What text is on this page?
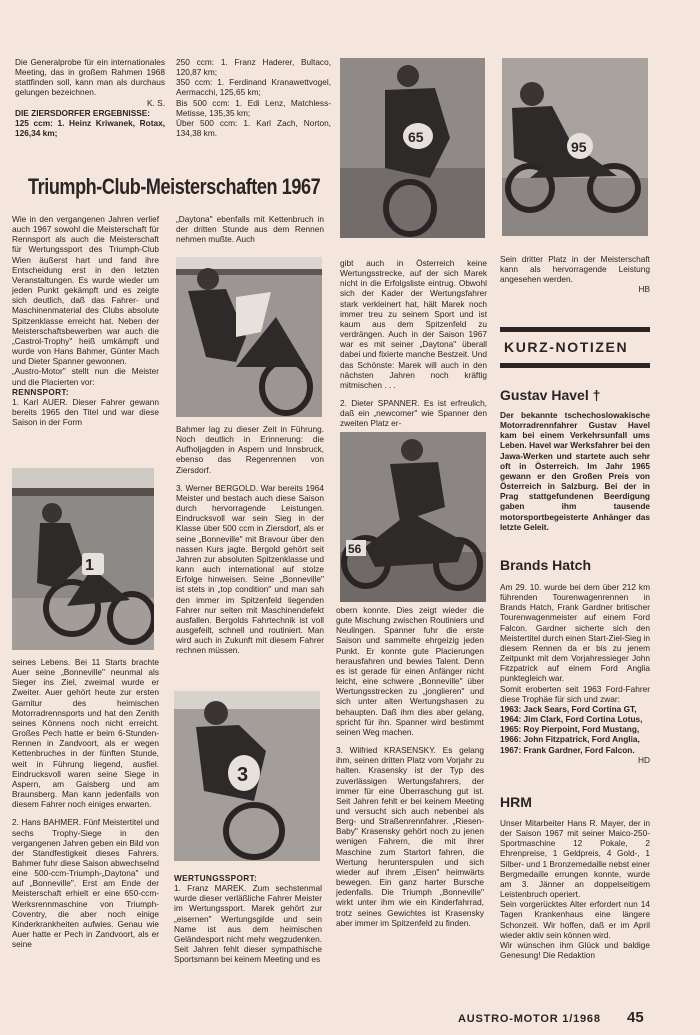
Die Generalprobe für ein internationales Meeting, das in großem Rahmen 1968 stattfinden soll, kann man als durchaus gelungen bezeichnen.

K. S.

DIE ZIERSDORFER ERGEBNISSE:

125 ccm: 1. Heinz Kriwanek, Rotax, 126,34 km;

250 ccm: 1. Franz Haderer, Bultaco, 120,87 km;

350 ccm: 1. Ferdinand Kranawettvogel, Aermacchi, 125,65 km;

Bis 500 ccm: 1. Edi Lenz, Matchless-Metisse, 135,35 km;

Über 500 ccm: 1. Karl Zach, Norton, 134,38 km.

Triumph-Club-Meisterschaften 1967

Wie in den vergangenen Jahren verlief auch 1967 sowohl die Meisterschaft für Rennsport als auch die Meisterschaft für Wertungssport des Triumph-Club Wien äußerst hart und fand ihre Entscheidung erst in den letzten Veranstaltungen. Es wurde wieder um jeden Punkt gekämpft und es zeigte sich deutlich, daß das Fahrer- und Maschinenmaterial des Clubs absolute Spitzenklasse erreicht hat. Neben der Meisterschaftsbewerben war auch die „Castrol-Trophy" heiß umkämpft und wurde von Hans Bahmer, Günter Mach und Dieter Spanner gewonnen.

„Austro-Motor" stellt nun die Meister und die Placierten vor:

RENNSPORT:

1. Karl AUER. Dieser Fahrer gewann bereits 1965 den Titel und war diese Saison in der Form

1

seines Lebens. Bei 11 Starts brachte Auer seine „Bonneville" neunmal als Sieger ins Ziel, zweimal wurde er Zweiter. Auer gehört heute zur ersten Garnitur des heimischen Motorradrennsports und hat den Zenith seines Könnens noch nicht erreicht. Großes Pech hatte er beim 6-Stunden-Rennen in Zandvoort, als er wegen Kettenbruches in der fünften Stunde, weit in Führung liegend, ausfiel. Eindrucksvoll waren seine Siege in Aspern, am Gaisberg und am Braunsberg. Man kann jedenfalls von diesem Fahrer noch einiges erwarten.

2. Hans BAHMER. Fünf Meistertitel und sechs Trophy-Siege in den vergangenen Jahren geben ein Bild von der Standfestigkeit dieses Fahrers. Bahmer fuhr diese Saison abwechselnd eine 500-ccm-Triumph-„Daytona" und auf „Bonneville". Erst am Ende der Meisterschaft erhielt er eine 650-ccm-Werksrennmaschine von Triumph-Coventry, die aber noch einige Kinderkrankheiten aufwies. Genau wie Auer hatte er Pech in Zandvoort, als er seine

„Daytona" ebenfalls mit Kettenbruch in der dritten Stunde aus dem Rennen nehmen mußte. Auch

Bahmer lag zu dieser Zeit in Führung. Noch deutlich in Erinnerung: die Aufholjagden in Aspern und Innsbruck, ebenso das Regenrennen von Ziersdorf.

3. Werner BERGOLD. War bereits 1964 Meister und bestach auch diese Saison durch hervorragende Leistungen. Eindrucksvoll war sein Sieg in der Klasse über 500 ccm in Ziersdorf, als er seine „Bonneville" mit Bravour über den nassen Kurs jagte. Bergold gehört seit Jahren zur absoluten Spitzenklasse und kann auch international auf stolze Erfolge hinweisen. Seine „Bonneville" ist stets in „top condition" und man sah den immer im Spitzenfeld liegenden Fahrer nur selten mit Maschinendefekt ausfallen. Bergolds Fahrtechnik ist voll ausgefeilt, schnell und routiniert. Man wird auch in Zukunft mit diesem Fahrer rechnen müssen.

3

WERTUNGSSPORT:

1. Franz MAREK. Zum sechstenmal wurde dieser verläßliche Fahrer Meister im Wertungssport. Marek gehört zur „eisernen" Wertungsgilde und sein Name ist aus dem heimischen Geländesport nicht mehr wegzudenken. Seit Jahren fehlt dieser sympathische Sportsmann bei keinem Meeting und es

65

gibt auch in Österreich keine Wertungsstrecke, auf der sich Marek nicht in die Erfolgsliste eintrug. Obwohl sich der Kader der Wertungsfahrer stark verkleinert hat, hält Marek noch immer treu zu seinem Sport und ist kaum aus dem Spitzenfeld zu verdrängen. Auch in der Saison 1967 war es mit seiner „Daytona" überall dabei und fixierte manche Bestzeit. Und das Schönste: Marek will auch in den nächsten Jahren noch kräftig mitmischen . . .

2. Dieter SPANNER. Es ist erfreulich, daß ein „newcomer" wie Spanner den zweiten Platz er-

56

obern konnte. Dies zeigt wieder die gute Mischung zwischen Routiniers und Neulingen. Spanner fuhr die erste Saison und sammelte ehrgeizig jeden Punkt. Er konnte gute Placierungen herausfahren und bewies Talent. Denn es ist gerade für einen Anfänger nicht leicht, eine schwere „Bonneville" über Wertungsstrecken zu „jonglieren" und sich unter alten Wertungshasen zu behaupten. Daß ihm dies aber gelang, spricht für ihn. Spanner wird bestimmt seinen Weg machen.

3. Wilfried KRASENSKY. Es gelang ihm, seinen dritten Platz vom Vorjahr zu halten. Krasensky ist der Typ des zuverlässigen Wertungsfahrers, der immer für eine Überraschung gut ist. Seit Jahren fehlt er bei keinem Meeting und versucht sich auch nebenbei als Berg- und Straßenrennfahrer. „Riesen-Baby" Krasensky gehört noch zu jenen wenigen Fahrern, die mit ihrer Maschine zum Startort fahren, die Wertung herunterspulen und sich wieder auf ihrem „Eisen" heimwärts bewegen. Ein ganz harter Bursche jedenfalls. Die Triumph „Bonneville" wirkt unter ihm wie ein Kinderfahrrad, trotz seines Gewichtes ist Krasensky aber immer im Spitzenfeld zu finden.

95

Sein dritter Platz in der Meisterschaft kann als hervorragende Leistung angesehen werden.

HB

KURZ-NOTIZEN
Gustav Havel †
Der bekannte tschechoslowakische Motorradrennfahrer Gustav Havel kam bei einem Verkehrsunfall ums Leben. Havel war Werksfahrer bei den Jawa-Werken und startete auch sehr oft in Österreich. Im Jahr 1965 gewann er den Großen Preis von Österreich in Salzburg. Bei der in Prag stattgefundenen Beerdigung gaben ihm tausende motorsportbegeisterte Anhänger das letzte Geleit.
Brands Hatch

Am 29. 10. wurde bei dem über 212 km führenden Tourenwagenrennen in Brands Hatch, Frank Gardner britischer Tourenwagenmeister auf einem Ford Falcon. Gardner sicherte sich den Meistertitel durch einen Start-Ziel-Sieg in diesem Rennen da er bis zu jenem Zeitpunkt mit dem Vorjahressieger John Fitzpatrick auf einem Ford Anglia punktegleich war.

Somit eroberten seit 1963 Ford-Fahrer diese Trophäe für sich und zwar:

1963: Jack Sears, Ford Cortina GT,

1964: Jim Clark, Ford Cortina Lotus,

1965: Roy Pierpoint, Ford Mustang,

1966: John Fitzpatrick, Ford Anglia,

1967: Frank Gardner, Ford Falcon.

HD

HRM

Unser Mitarbeiter Hans R. Mayer, der in der Saison 1967 mit seiner Maico-250-Sportmaschine 12 Pokale, 2 Ehrenpreise, 1 Geldpreis, 4 Gold-, 1 Silber- und 1 Bronzemedaille nebst einer Bergmedaille errungen konnte, wurde am 3. Jänner an doppelseitigem Leistenbruch operiert.

Sein vorgerücktes Alter erfordert nun 14 Tagen Krankenhaus eine längere Schonzeit. Wir hoffen, daß er im April wieder aktiv sein können wird.

Wir wünschen ihm Glück und baldige Genesung! Die Redaktion

AUSTRO-MOTOR 1/1968 45
